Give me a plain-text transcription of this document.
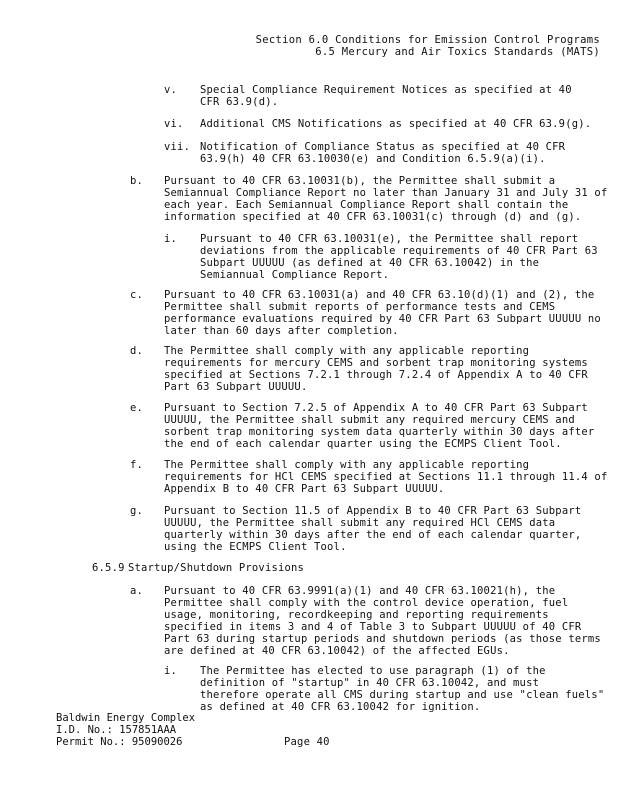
Section 6.0 Conditions for Emission Control Programs
6.5 Mercury and Air Toxics Standards (MATS)
v. Special Compliance Requirement Notices as specified at 40
CFR 63.9(d).
vi. Additional CMS Notifications as specified at 40 CFR 63.9(g).
vii. Notification of Compliance Status as specified at 40 CFR
63.9(h) 40 CFR 63.10030(e) and Condition 6.5.9(a)(i).
b. Pursuant to 40 CFR 63.10031(b), the Permittee shall submit a
Semiannual Compliance Report no later than January 31 and July 31 of
each year. Each Semiannual Compliance Report shall contain the
information specified at 40 CFR 63.10031(c) through (d) and (g).
i. Pursuant to 40 CFR 63.10031(e), the Permittee shall report
deviations from the applicable requirements of 40 CFR Part 63
Subpart UUUUU (as defined at 40 CFR 63.10042) in the
Semiannual Compliance Report.
c. Pursuant to 40 CFR 63.10031(a) and 40 CFR 63.10(d)(1) and (2), the
Permittee shall submit reports of performance tests and CEMS
performance evaluations required by 40 CFR Part 63 Subpart UUUUU no
later than 60 days after completion.
d. The Permittee shall comply with any applicable reporting
requirements for mercury CEMS and sorbent trap monitoring systems
specified at Sections 7.2.1 through 7.2.4 of Appendix A to 40 CFR
Part 63 Subpart UUUUU.
e. Pursuant to Section 7.2.5 of Appendix A to 40 CFR Part 63 Subpart
UUUUU, the Permittee shall submit any required mercury CEMS and
sorbent trap monitoring system data quarterly within 30 days after
the end of each calendar quarter using the ECMPS Client Tool.
f. The Permittee shall comply with any applicable reporting
requirements for HCl CEMS specified at Sections 11.1 through 11.4 of
Appendix B to 40 CFR Part 63 Subpart UUUUU.
g. Pursuant to Section 11.5 of Appendix B to 40 CFR Part 63 Subpart
UUUUU, the Permittee shall submit any required HCl CEMS data
quarterly within 30 days after the end of each calendar quarter,
using the ECMPS Client Tool.
6.5.9 Startup/Shutdown Provisions
a. Pursuant to 40 CFR 63.9991(a)(1) and 40 CFR 63.10021(h), the
Permittee shall comply with the control device operation, fuel
usage, monitoring, recordkeeping and reporting requirements
specified in items 3 and 4 of Table 3 to Subpart UUUUU of 40 CFR
Part 63 during startup periods and shutdown periods (as those terms
are defined at 40 CFR 63.10042) of the affected EGUs.
i. The Permittee has elected to use paragraph (1) of the
definition of "startup" in 40 CFR 63.10042, and must
therefore operate all CMS during startup and use "clean fuels"
as defined at 40 CFR 63.10042 for ignition.
Baldwin Energy Complex
I.D. No.: 157851AAA
Permit No.: 95090026	Page 40
